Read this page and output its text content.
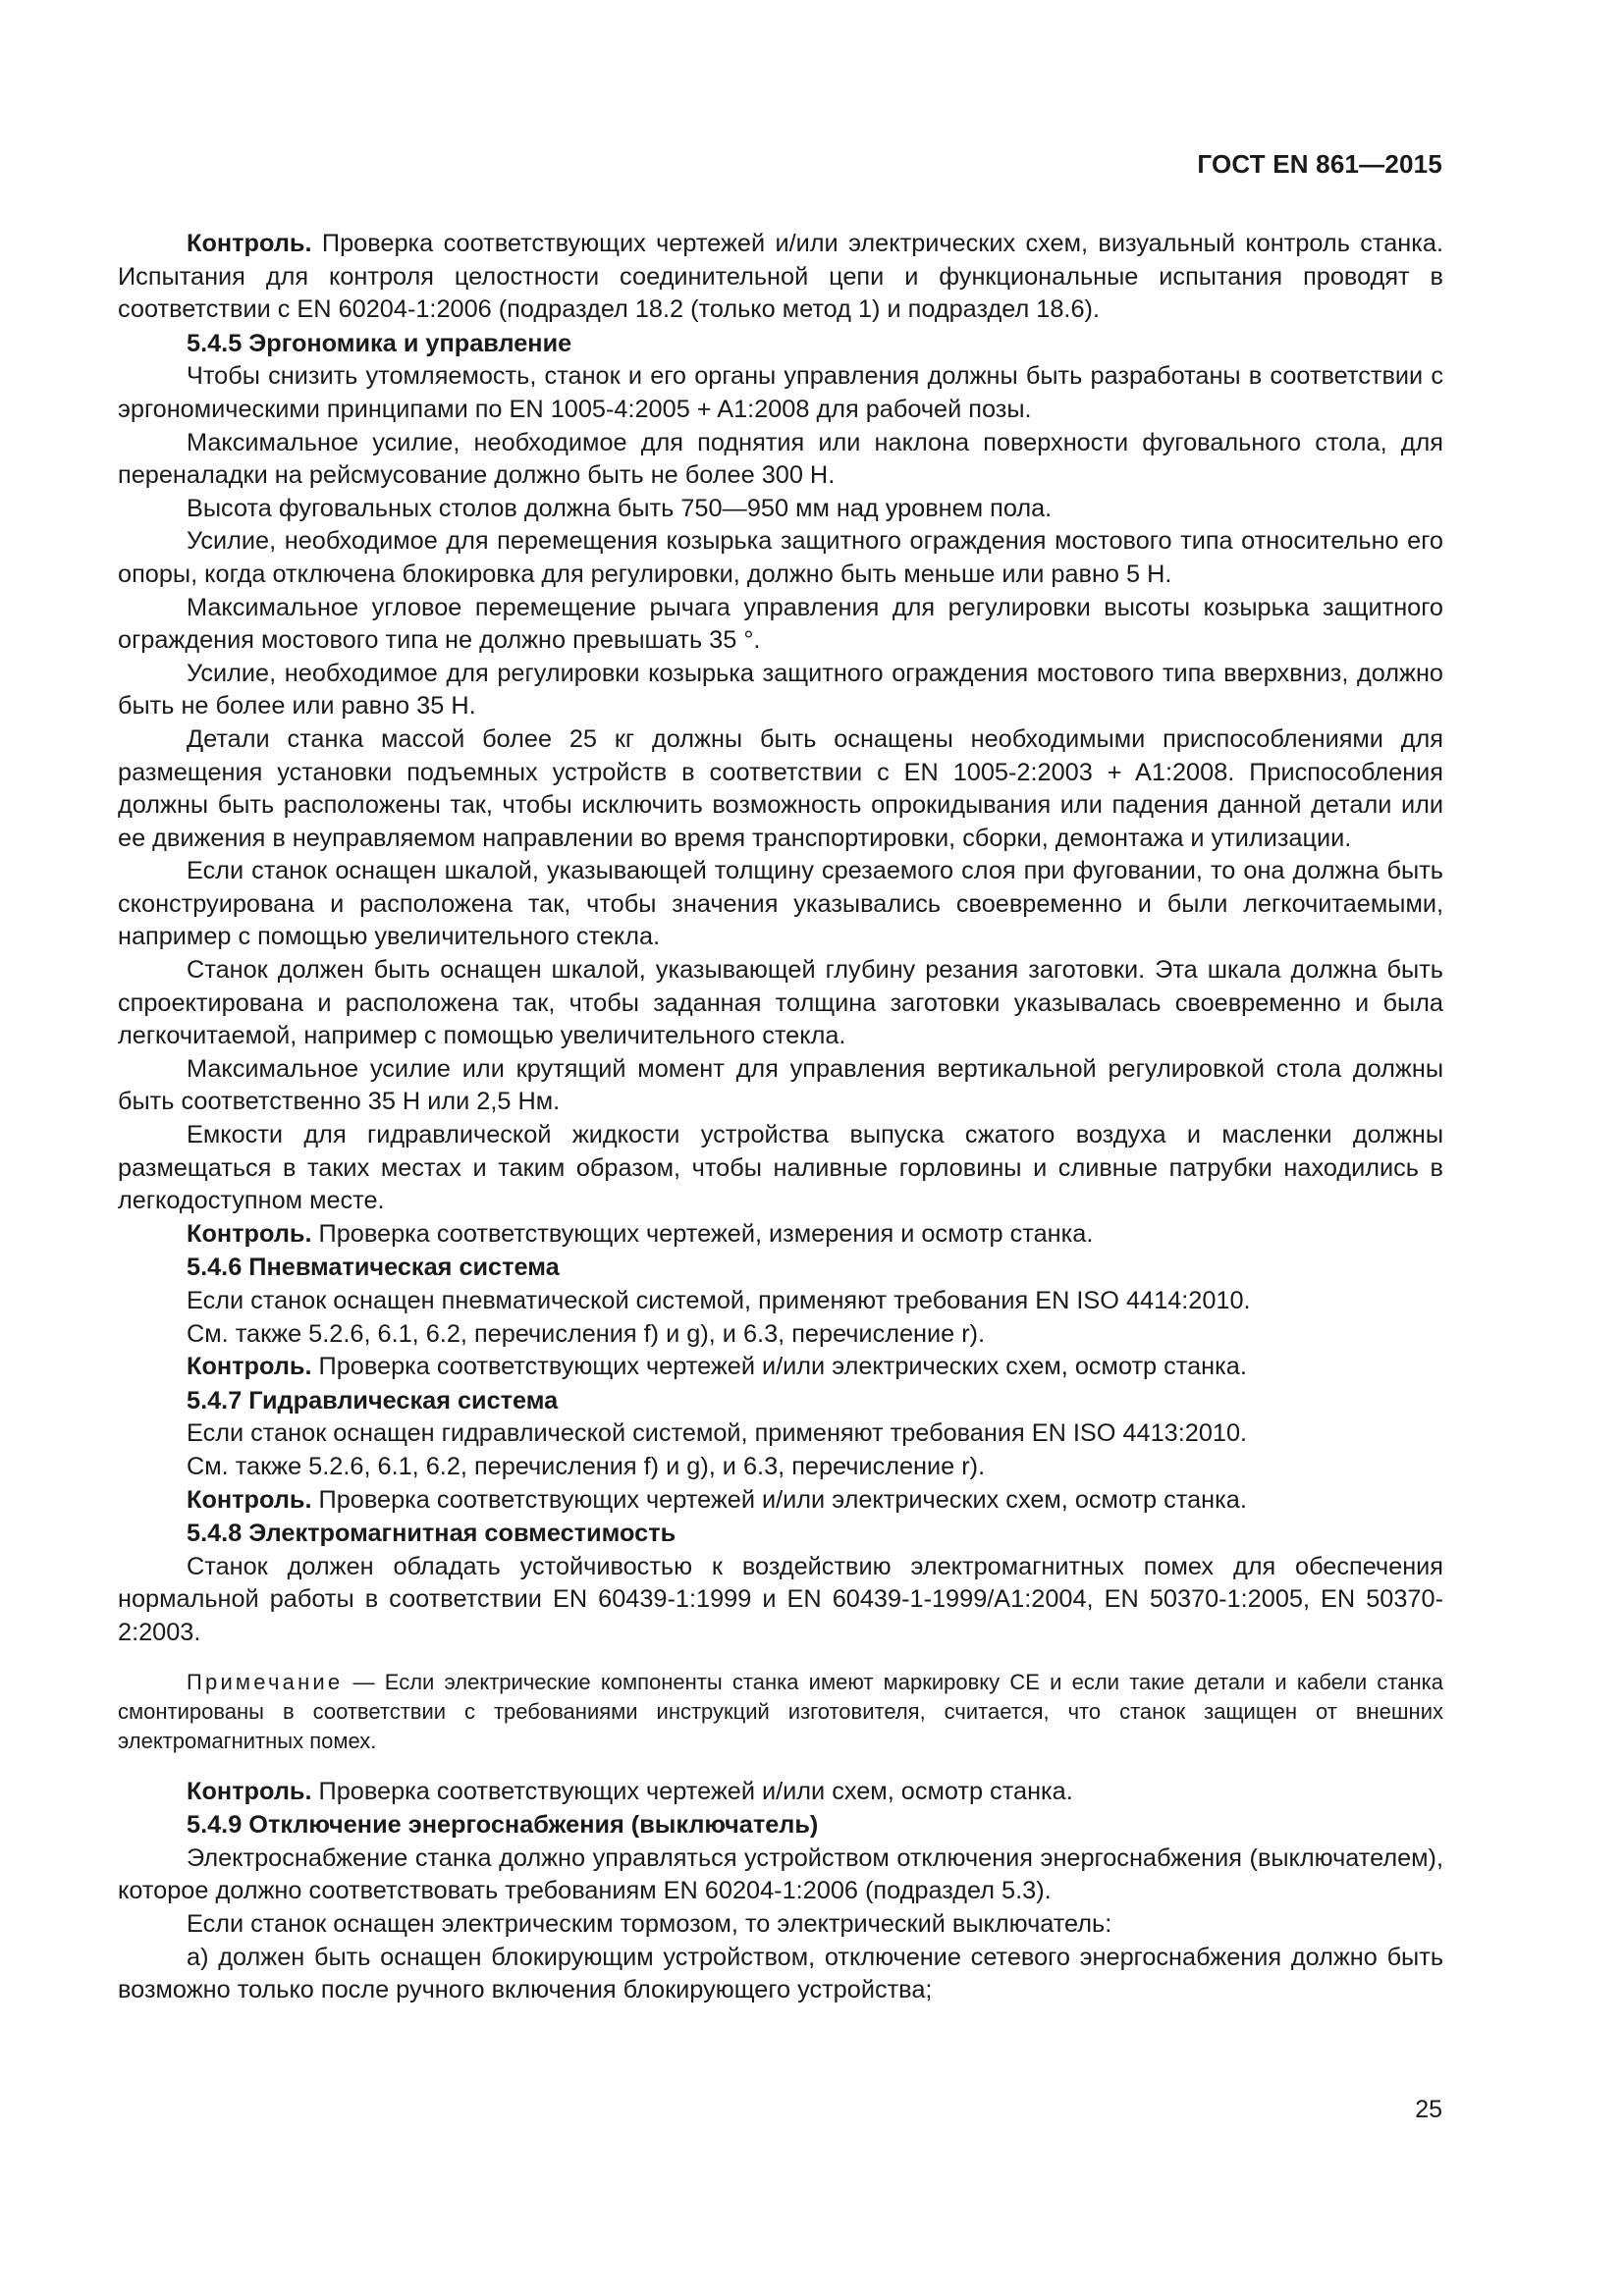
ГОСТ EN 861—2015

Контроль. Проверка соответствующих чертежей и/или электрических схем, визуальный контроль станка. Испытания для контроля целостности соединительной цепи и функциональные испытания проводят в соответствии с EN 60204-1:2006 (подраздел 18.2 (только метод 1) и подраздел 18.6).

5.4.5 Эргономика и управление

Чтобы снизить утомляемость, станок и его органы управления должны быть разработаны в соответствии с эргономическими принципами по EN 1005-4:2005 + A1:2008 для рабочей позы.

Максимальное усилие, необходимое для поднятия или наклона поверхности фуговального стола, для переналадки на рейсмусование должно быть не более 300 Н.

Высота фуговальных столов должна быть 750—950 мм над уровнем пола.

Усилие, необходимое для перемещения козырька защитного ограждения мостового типа относительно его опоры, когда отключена блокировка для регулировки, должно быть меньше или равно 5 Н.

Максимальное угловое перемещение рычага управления для регулировки высоты козырька защитного ограждения мостового типа не должно превышать 35 °.

Усилие, необходимое для регулировки козырька защитного ограждения мостового типа вверхвниз, должно быть не более или равно 35 Н.

Детали станка массой более 25 кг должны быть оснащены необходимыми приспособлениями для размещения установки подъемных устройств в соответствии с EN 1005-2:2003 + A1:2008. Приспособления должны быть расположены так, чтобы исключить возможность опрокидывания или падения данной детали или ее движения в неуправляемом направлении во время транспортировки, сборки, демонтажа и утилизации.

Если станок оснащен шкалой, указывающей толщину срезаемого слоя при фуговании, то она должна быть сконструирована и расположена так, чтобы значения указывались своевременно и были легкочитаемыми, например с помощью увеличительного стекла.

Станок должен быть оснащен шкалой, указывающей глубину резания заготовки. Эта шкала должна быть спроектирована и расположена так, чтобы заданная толщина заготовки указывалась своевременно и была легкочитаемой, например с помощью увеличительного стекла.

Максимальное усилие или крутящий момент для управления вертикальной регулировкой стола должны быть соответственно 35 Н или 2,5 Нм.

Емкости для гидравлической жидкости устройства выпуска сжатого воздуха и масленки должны размещаться в таких местах и таким образом, чтобы наливные горловины и сливные патрубки находились в легкодоступном месте.

Контроль. Проверка соответствующих чертежей, измерения и осмотр станка.

5.4.6 Пневматическая система

Если станок оснащен пневматической системой, применяют требования EN ISO 4414:2010.

См. также 5.2.6, 6.1, 6.2, перечисления f) и g), и 6.3, перечисление r).

Контроль. Проверка соответствующих чертежей и/или электрических схем, осмотр станка.

5.4.7 Гидравлическая система

Если станок оснащен гидравлической системой, применяют требования EN ISO 4413:2010.

См. также 5.2.6, 6.1, 6.2, перечисления f) и g), и 6.3, перечисление r).

Контроль. Проверка соответствующих чертежей и/или электрических схем, осмотр станка.

5.4.8 Электромагнитная совместимость

Станок должен обладать устойчивостью к воздействию электромагнитных помех для обеспечения нормальной работы в соответствии EN 60439-1:1999 и EN 60439-1-1999/A1:2004, EN 50370-1:2005, EN 50370-2:2003.

Примечание — Если электрические компоненты станка имеют маркировку CE и если такие детали и кабели станка смонтированы в соответствии с требованиями инструкций изготовителя, считается, что станок защищен от внешних электромагнитных помех.

Контроль. Проверка соответствующих чертежей и/или схем, осмотр станка.

5.4.9 Отключение энергоснабжения (выключатель)

Электроснабжение станка должно управляться устройством отключения энергоснабжения (выключателем), которое должно соответствовать требованиям EN 60204-1:2006 (подраздел 5.3).

Если станок оснащен электрическим тормозом, то электрический выключатель:

a) должен быть оснащен блокирующим устройством, отключение сетевого энергоснабжения должно быть возможно только после ручного включения блокирующего устройства;

25
